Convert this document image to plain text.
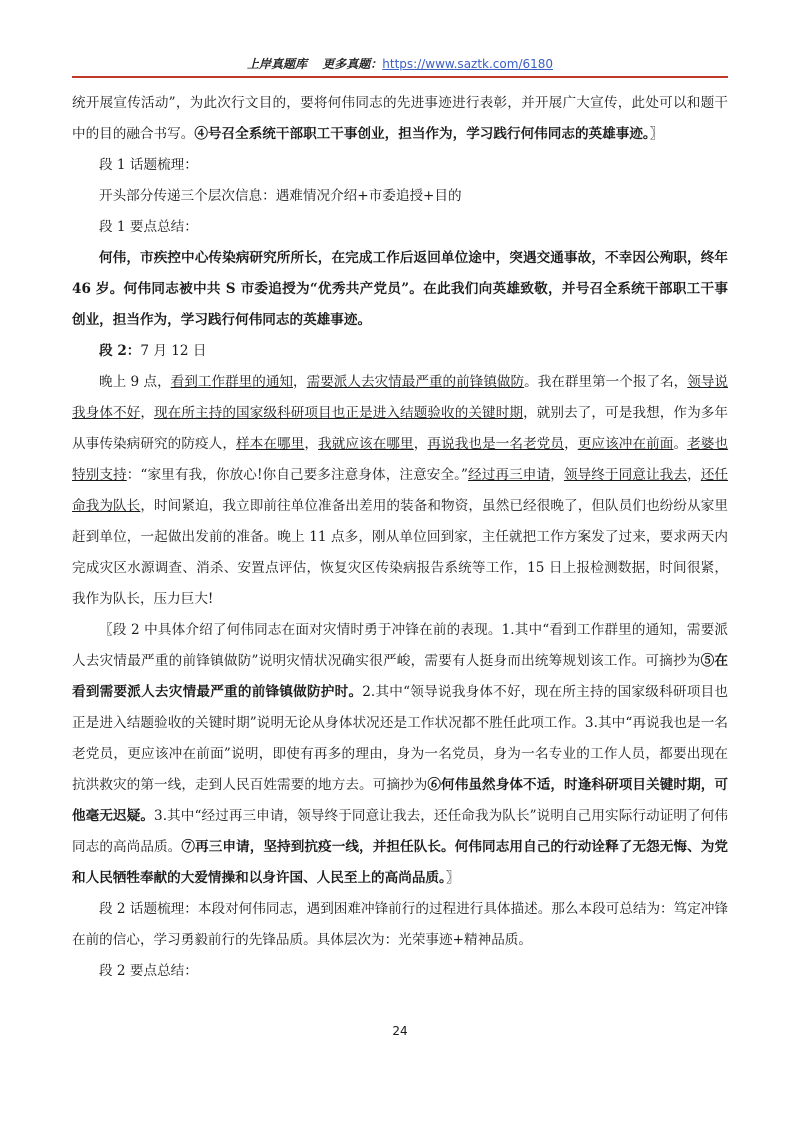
上岸真题库 更多真题：https://www.saztk.com/6180

统开展宣传活动”，为此次行文目的，要将何伟同志的先进事迹进行表彰，并开展广大宣传，此处可以和题干中的目的融合书写。④号召全系统干部职工干事创业，担当作为，学习践行何伟同志的英雄事迹。〗

段 1 话题梳理：

开头部分传递三个层次信息：遇难情况介绍+市委追授+目的

段 1 要点总结：

何伟，市疾控中心传染病研究所所长，在完成工作后返回单位途中，突遇交通事故，不幸因公殉职，终年 46 岁。何伟同志被中共 S 市委追授为“优秀共产党员”。在此我们向英雄致敬，并号召全系统干部职工干事创业，担当作为，学习践行何伟同志的英雄事迹。

段 2：7 月 12 日

晚上 9 点，看到工作群里的通知，需要派人去灾情最严重的前锋镇做防。我在群里第一个报了名，领导说我身体不好，现在所主持的国家级科研项目也正是进入结题验收的关键时期，就别去了，可是我想，作为多年从事传染病研究的防疫人，样本在哪里，我就应该在哪里，再说我也是一名老党员，更应该冲在前面。老婆也特别支持：“家里有我，你放心!你自己要多注意身体，注意安全。”经过再三申请，领导终于同意让我去，还任命我为队长，时间紧迫，我立即前往单位准备出差用的装备和物资，虽然已经很晚了，但队员们也纷纷从家里赶到单位，一起做出发前的准备。晚上 11 点多，刚从单位回到家，主任就把工作方案发了过来，要求两天内完成灾区水源调查、消杀、安置点评估，恢复灾区传染病报告系统等工作，15 日上报检测数据，时间很紧，我作为队长，压力巨大!

〖段 2 中具体介绍了何伟同志在面对灾情时勇于冲锋在前的表现。1.其中“看到工作群里的通知，需要派人去灾情最严重的前锋镇做防”说明灾情状况确实很严峻，需要有人挺身而出统筹规划该工作。可摘抄为⑤在看到需要派人去灾情最严重的前锋镇做防护时。2.其中“领导说我身体不好，现在所主持的国家级科研项目也正是进入结题验收的关键时期”说明无论从身体状况还是工作状况都不胜任此项工作。3.其中“再说我也是一名老党员，更应该冲在前面”说明，即使有再多的理由，身为一名党员，身为一名专业的工作人员，都要出现在抗洪救灾的第一线，走到人民百姓需要的地方去。可摘抄为⑥何伟虽然身体不适，时逢科研项目关键时期，可他毫无迟疑。3.其中“经过再三申请，领导终于同意让我去，还任命我为队长”说明自己用实际行动证明了何伟同志的高尚品质。⑦再三申请，坚持到抗疫一线，并担任队长。何伟同志用自己的行动诠释了无怨无悔、为党和人民牺牲奉献的大爱情操和以身许国、人民至上的高尚品质。〗

段 2 话题梳理：本段对何伟同志，遇到困难冲锋前行的过程进行具体描述。那么本段可总结为：笃定冲锋在前的信心，学习勇毅前行的先锋品质。具体层次为：光荣事迹+精神品质。

段 2 要点总结：

24
